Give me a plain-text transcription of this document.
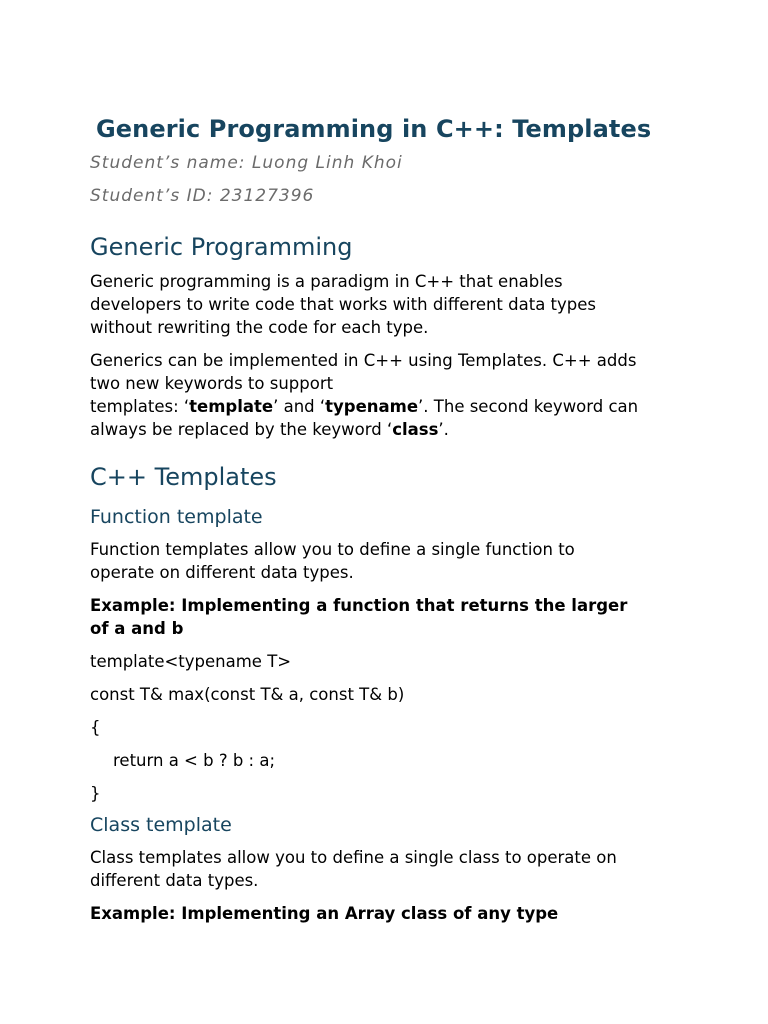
Generic Programming in C++: Templates

Student’s name: Luong Linh Khoi

Student’s ID: 23127396

Generic Programming

Generic programming is a paradigm in C++ that enables

developers to write code that works with different data types

without rewriting the code for each type.

Generics can be implemented in C++ using Templates. C++ adds

two new keywords to support

templates: ‘template’ and ‘typename’. The second keyword can

always be replaced by the keyword ‘class’.

C++ Templates
Function template

Function templates allow you to define a single function to

operate on different data types.

Example: Implementing a function that returns the larger

of a and b

template<typename T>

const T& max(const T& a, const T& b)

{

return a < b ? b : a;

}

Class template

Class templates allow you to define a single class to operate on

different data types.

Example: Implementing an Array class of any type
